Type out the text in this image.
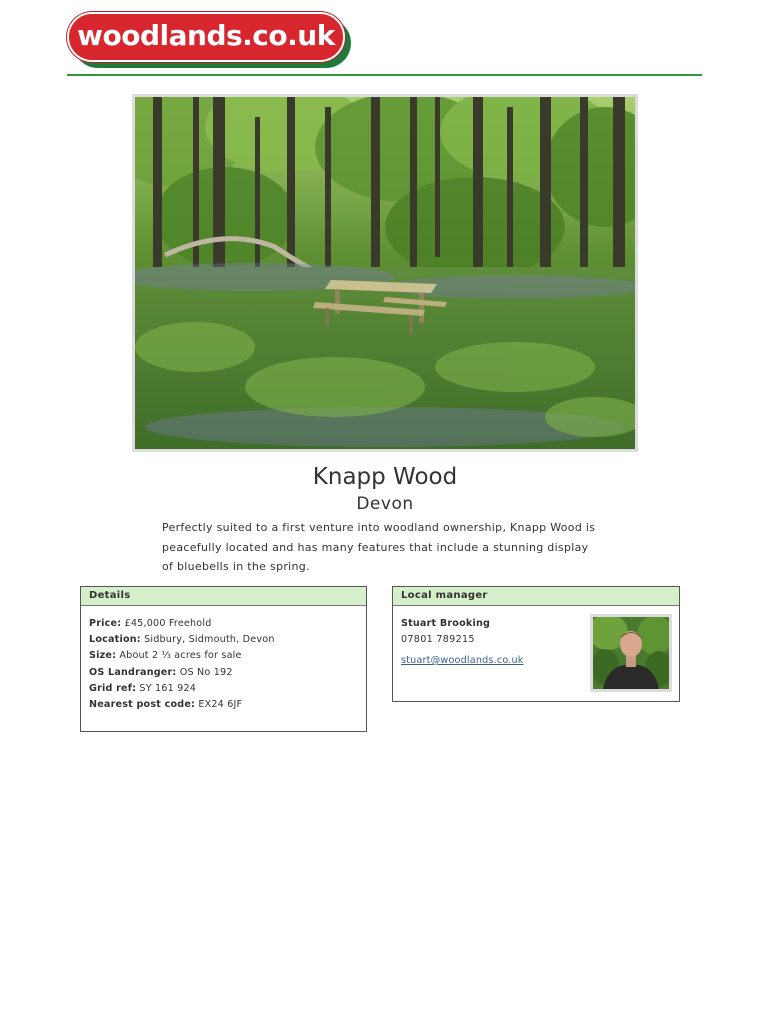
woodlands.co.uk
Knapp Wood
Devon
Perfectly suited to a first venture into woodland ownership, Knapp Wood is peacefully located and has many features that include a stunning display of bluebells in the spring.
Details
Price: £45,000 Freehold
Location: Sidbury, Sidmouth, Devon
Size: About 2 ⅓ acres for sale
OS Landranger: OS No 192
Grid ref: SY 161 924
Nearest post code: EX24 6JF
Local manager
Stuart Brooking
07801 789215
stuart@woodlands.co.uk
